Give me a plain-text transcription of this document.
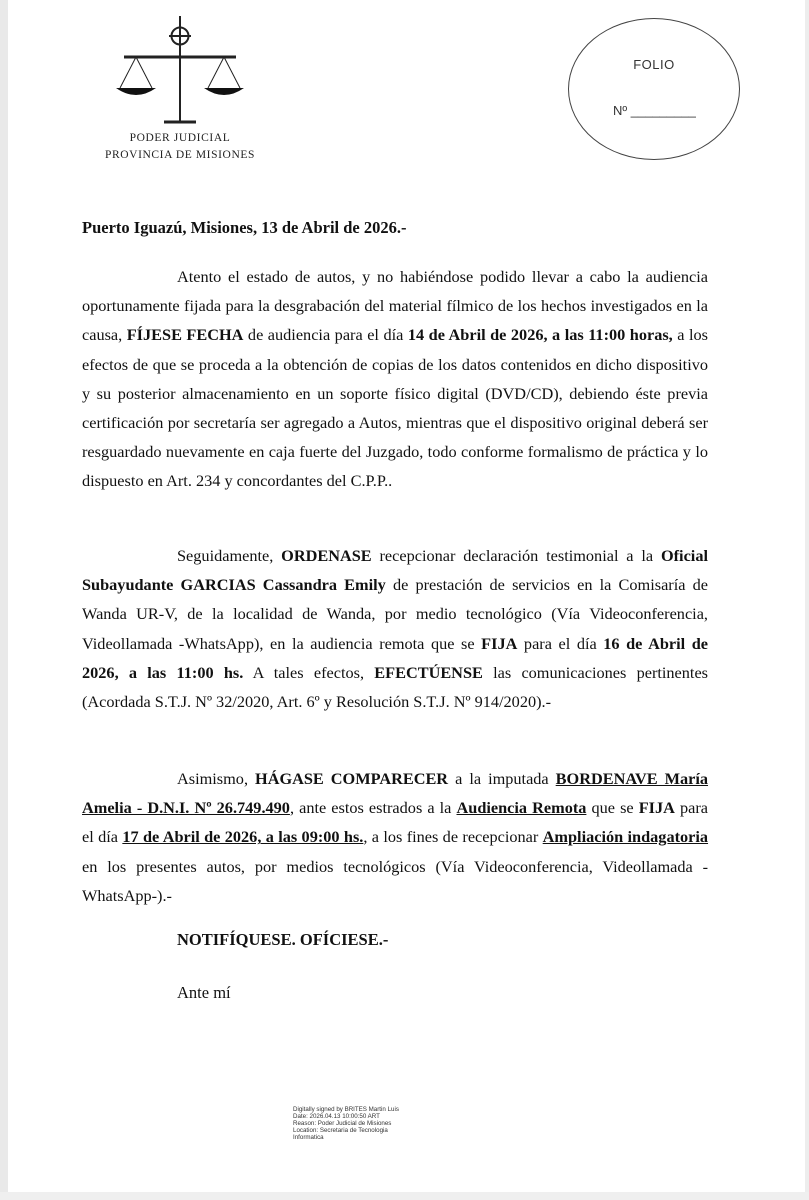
PODER JUDICIAL
PROVINCIA DE MISIONES
FOLIO
Nº _________
Puerto Iguazú, Misiones, 13 de Abril de 2026.-
Atento el estado de autos, y no habiéndose podido llevar a cabo la audiencia oportunamente fijada para la desgrabación del material fílmico de los hechos investigados en la causa, FÍJESE FECHA de audiencia para el día 14 de Abril de 2026, a las 11:00 horas, a los efectos de que se proceda a la obtención de copias de los datos contenidos en dicho dispositivo y su posterior almacenamiento en un soporte físico digital (DVD/CD), debiendo éste previa certificación por secretaría ser agregado a Autos, mientras que el dispositivo original deberá ser resguardado nuevamente en caja fuerte del Juzgado, todo conforme formalismo de práctica y lo dispuesto en Art. 234 y concordantes del C.P.P..
Seguidamente, ORDENASE recepcionar declaración testimonial a la Oficial Subayudante GARCIAS Cassandra Emily de prestación de servicios en la Comisaría de Wanda UR-V, de la localidad de Wanda, por medio tecnológico (Vía Videoconferencia, Videollamada -WhatsApp), en la audiencia remota que se FIJA para el día 16 de Abril de 2026, a las 11:00 hs. A tales efectos, EFECTÚENSE las comunicaciones pertinentes (Acordada S.T.J. Nº 32/2020, Art. 6º y Resolución S.T.J. Nº 914/2020).-
Asimismo, HÁGASE COMPARECER a la imputada BORDENAVE María Amelia - D.N.I. Nº 26.749.490, ante estos estrados a la Audiencia Remota que se FIJA para el día 17 de Abril de 2026, a las 09:00 hs., a los fines de recepcionar Ampliación indagatoria en los presentes autos, por medios tecnológicos (Vía Videoconferencia, Videollamada -WhatsApp-).-
NOTIFÍQUESE. OFÍCIESE.-
Ante mí
Digitally signed by BRITES Martin Luis
Date: 2026.04.13 10:00:50 ART
Reason: Poder Judicial de Misiones
Location: Secretaria de Tecnologia
Informatica
